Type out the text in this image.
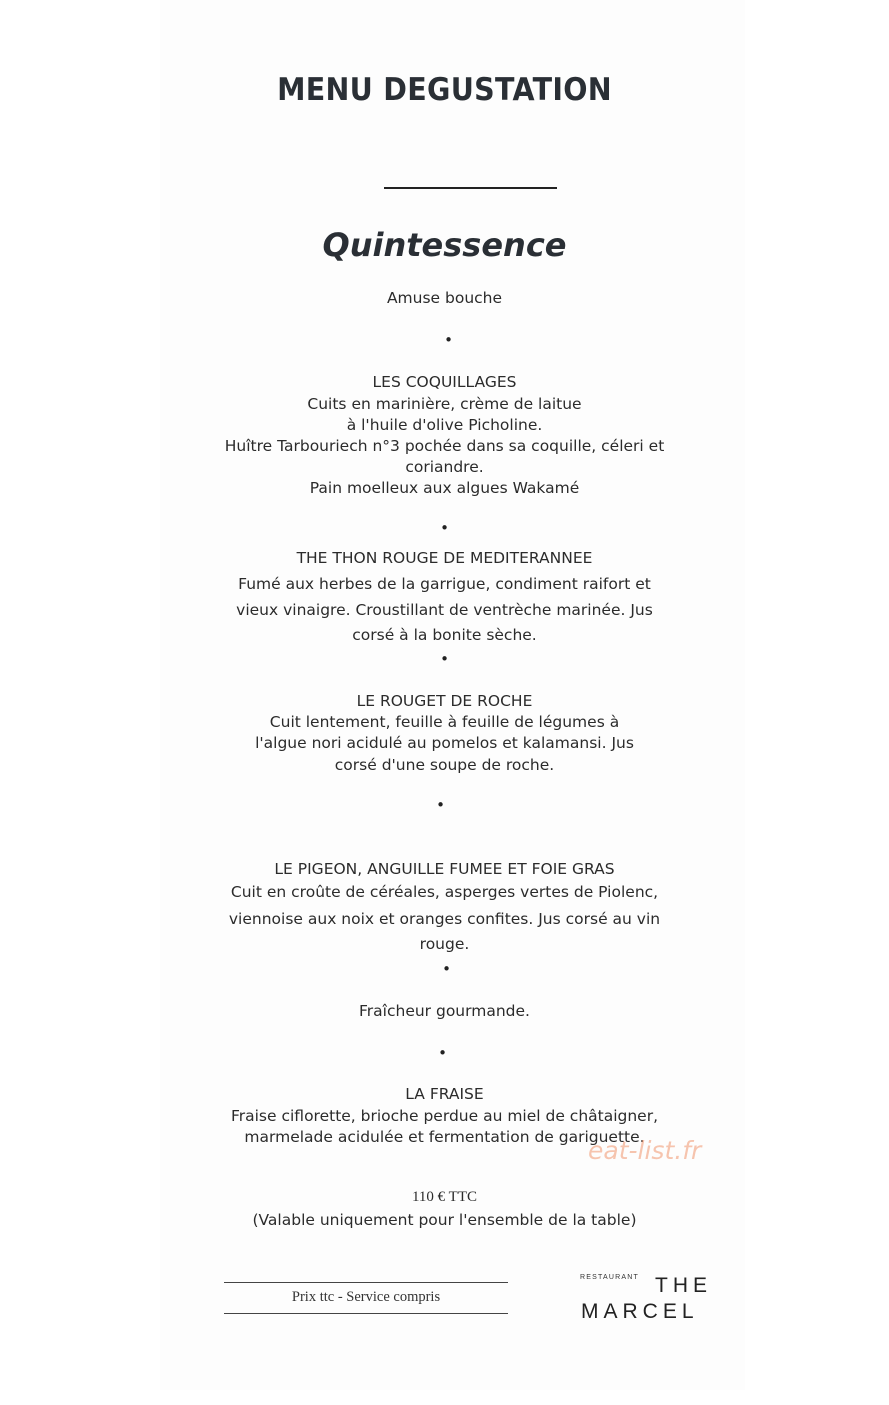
MENU DEGUSTATION
Quintessence
Amuse bouche
•
LES COQUILLAGES
Cuits en marinière, crème de laitue
à l'huile d'olive Picholine.
Huître Tarbouriech n°3 pochée dans sa coquille, céleri et
coriandre.
Pain moelleux aux algues Wakamé
•
THE THON ROUGE DE MEDITERANNEE
Fumé aux herbes de la garrigue, condiment raifort et
vieux vinaigre. Croustillant de ventrèche marinée. Jus
corsé à la bonite sèche.
•
LE ROUGET DE ROCHE
Cuit lentement, feuille à feuille de légumes à
l'algue nori acidulé au pomelos et kalamansi. Jus
corsé d'une soupe de roche.
•
LE PIGEON, ANGUILLE FUMEE ET FOIE GRAS
Cuit en croûte de céréales, asperges vertes de Piolenc,
viennoise aux noix et oranges confites. Jus corsé au vin
rouge.
•
Fraîcheur gourmande.
•
LA FRAISE
Fraise ciflorette, brioche perdue au miel de châtaigner,
marmelade acidulée et fermentation de gariguette.
eat-list.fr
110 € TTC
(Valable uniquement pour l'ensemble de la table)
Prix ttc - Service compris
RESTAURANT THE
MARCEL
